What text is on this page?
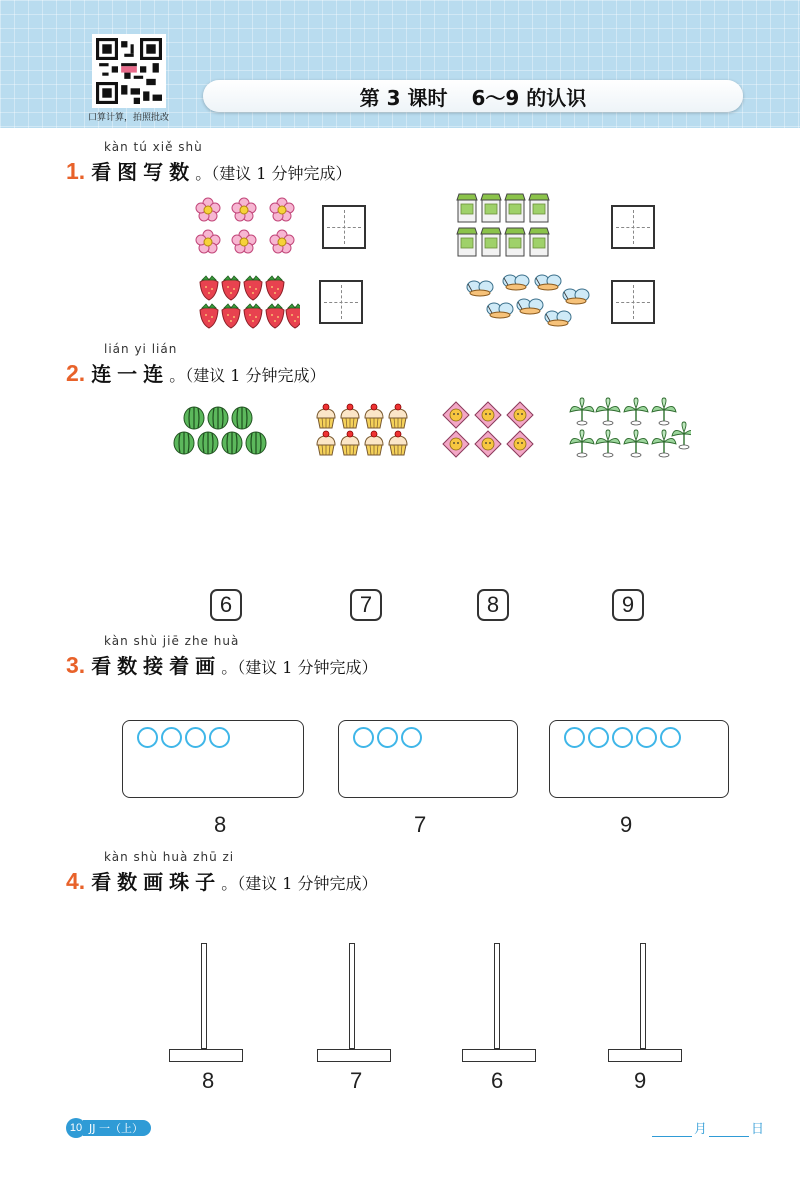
口算计算，拍照批改
第 3 课时 6～9 的认识
kàn tú xiě shù
1. 看图写数 。（建议 1 分钟完成）
lián yi lián
2. 连一连 。（建议 1 分钟完成）
6	7	8	9
kàn shù jiē zhe huà
3. 看数接着画 。（建议 1 分钟完成）
8	7	9
kàn shù huà zhū zi
4. 看数画珠子 。（建议 1 分钟完成）
8	7	6	9
10 JJ 一（上）	月	日
